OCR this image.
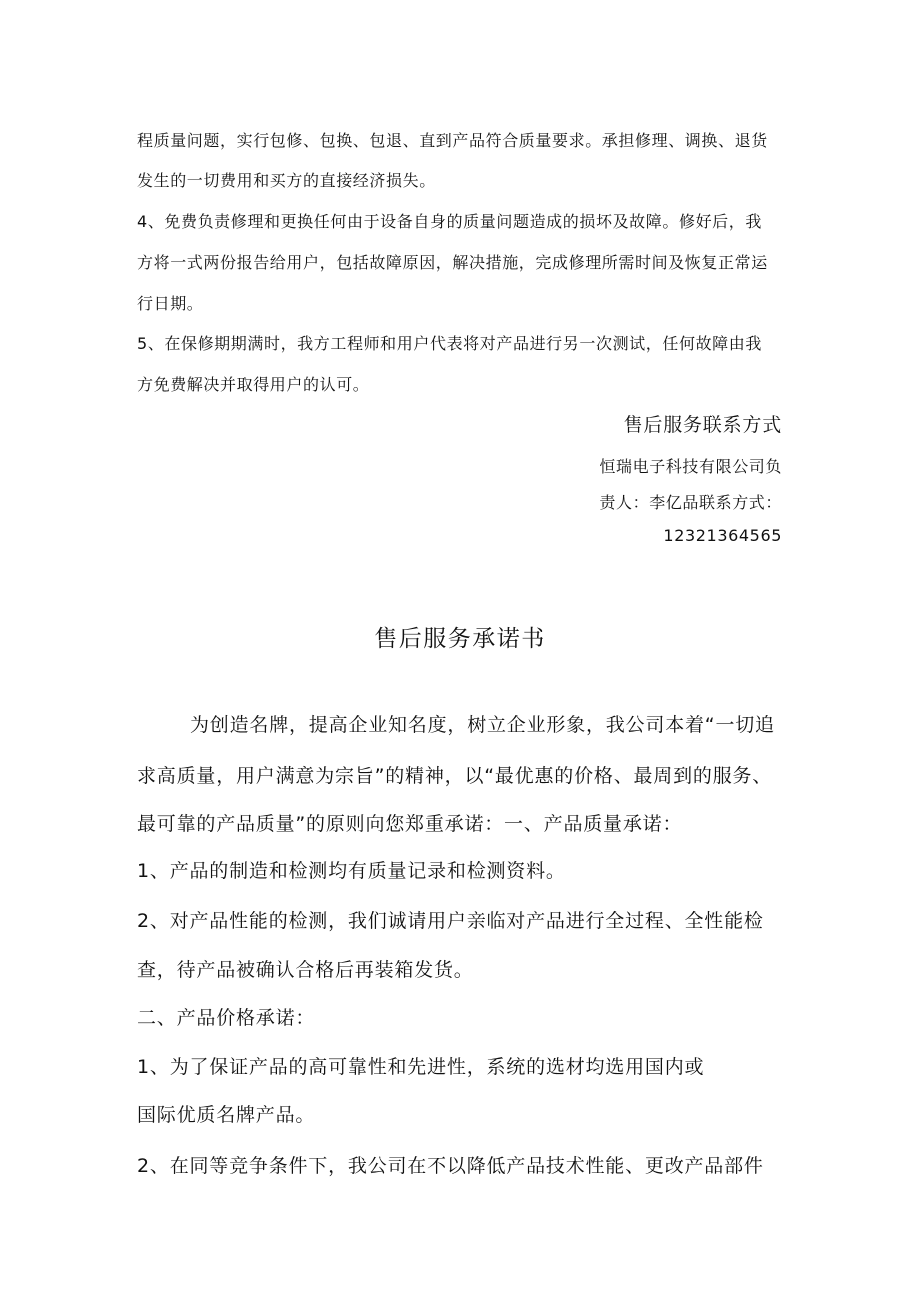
程质量问题，实行包修、包换、包退、直到产品符合质量要求。承担修理、调换、退货

发生的一切费用和买方的直接经济损失。

4、免费负责修理和更换任何由于设备自身的质量问题造成的损坏及故障。修好后，我

方将一式两份报告给用户，包括故障原因，解决措施，完成修理所需时间及恢复正常运

行日期。

5、在保修期期满时，我方工程师和用户代表将对产品进行另一次测试，任何故障由我

方免费解决并取得用户的认可。

售后服务联系方式

恒瑞电子科技有限公司负

责人：李亿品联系方式：

12321364565

售后服务承诺书

为创造名牌，提高企业知名度，树立企业形象，我公司本着“一切追

求高质量，用户满意为宗旨”的精神，以“最优惠的价格、最周到的服务、

最可靠的产品质量”的原则向您郑重承诺：一、产品质量承诺：

1、产品的制造和检测均有质量记录和检测资料。

2、对产品性能的检测，我们诚请用户亲临对产品进行全过程、全性能检

查，待产品被确认合格后再装箱发货。

二、产品价格承诺：

1、为了保证产品的高可靠性和先进性，系统的选材均选用国内或

国际优质名牌产品。

2、在同等竞争条件下，我公司在不以降低产品技术性能、更改产品部件
